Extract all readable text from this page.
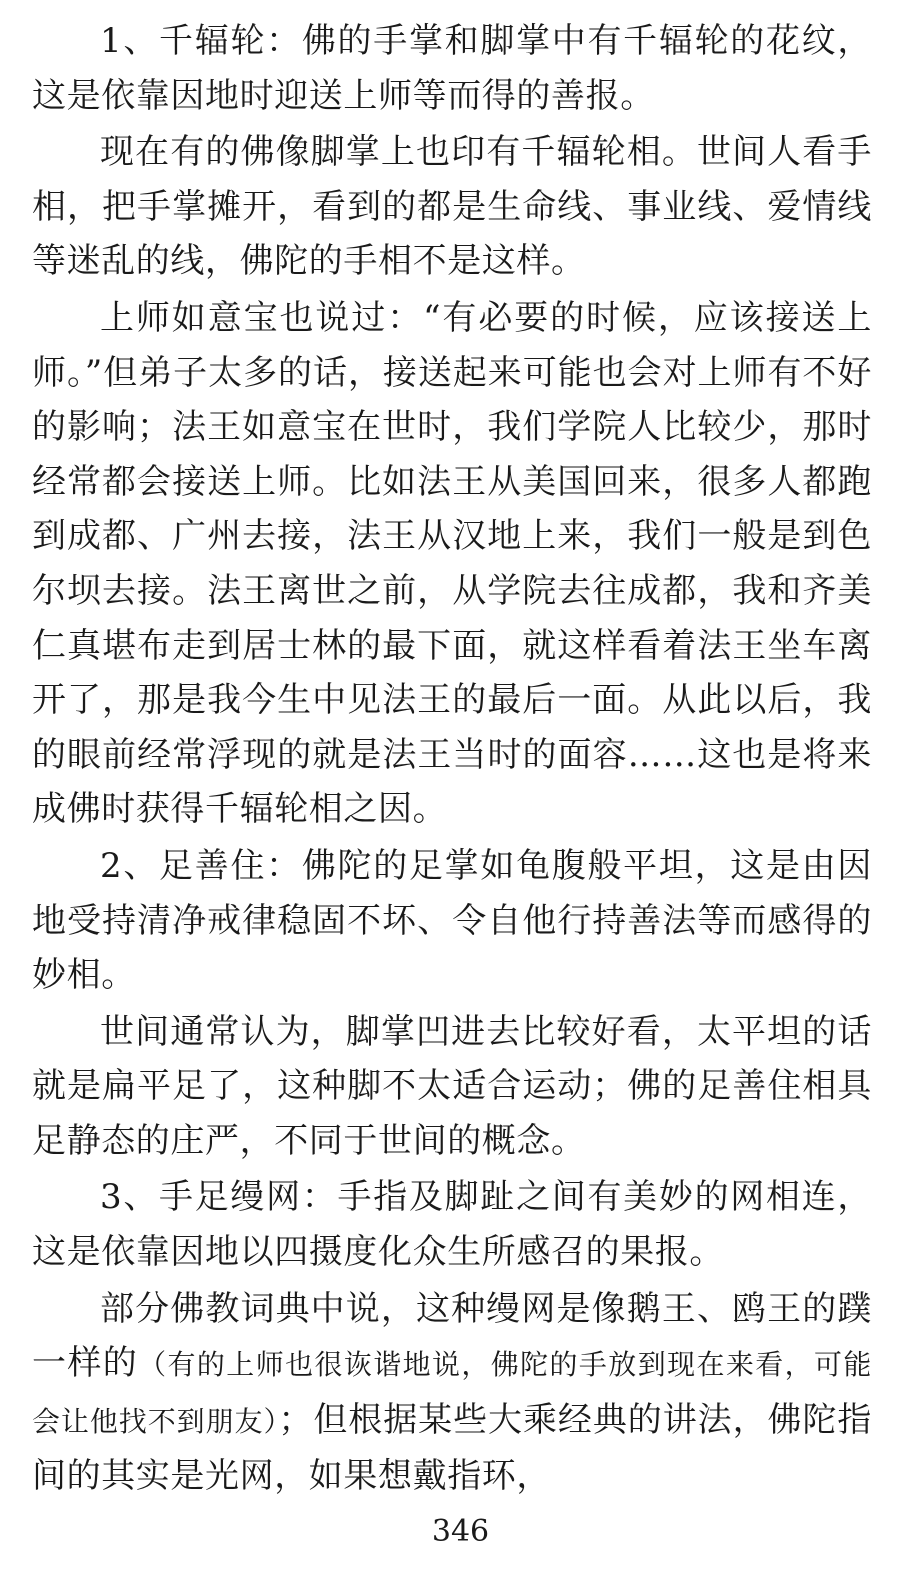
1、千辐轮：佛的手掌和脚掌中有千辐轮的花纹，这是依靠因地时迎送上师等而得的善报。

现在有的佛像脚掌上也印有千辐轮相。世间人看手相，把手掌摊开，看到的都是生命线、事业线、爱情线等迷乱的线，佛陀的手相不是这样。

上师如意宝也说过：“有必要的时候，应该接送上师。”但弟子太多的话，接送起来可能也会对上师有不好的影响；法王如意宝在世时，我们学院人比较少，那时经常都会接送上师。比如法王从美国回来，很多人都跑到成都、广州去接，法王从汉地上来，我们一般是到色尔坝去接。法王离世之前，从学院去往成都，我和齐美仁真堪布走到居士林的最下面，就这样看着法王坐车离开了，那是我今生中见法王的最后一面。从此以后，我的眼前经常浮现的就是法王当时的面容……这也是将来成佛时获得千辐轮相之因。

2、足善住：佛陀的足掌如龟腹般平坦，这是由因地受持清净戒律稳固不坏、令自他行持善法等而感得的妙相。

世间通常认为，脚掌凹进去比较好看，太平坦的话就是扁平足了，这种脚不太适合运动；佛的足善住相具足静态的庄严，不同于世间的概念。

3、手足缦网：手指及脚趾之间有美妙的网相连，这是依靠因地以四摄度化众生所感召的果报。

部分佛教词典中说，这种缦网是像鹅王、鸥王的蹼一样的（有的上师也很诙谐地说，佛陀的手放到现在来看，可能会让他找不到朋友）；但根据某些大乘经典的讲法，佛陀指间的其实是光网，如果想戴指环，

346
